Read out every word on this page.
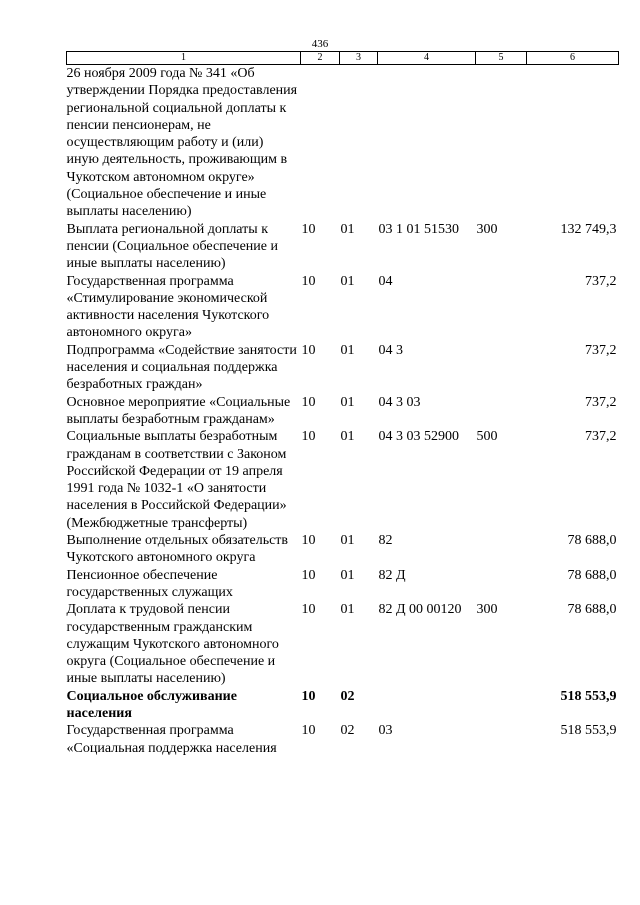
436
1	2	3	4	5	6
26 ноября 2009 года № 341 «Об утверждении Порядка предоставления региональной социальной доплаты к пенсии пенсионерам, не осуществляющим работу и (или) иную деятельность, проживающим в Чукотском автономном округе» (Социальное обеспечение и иные выплаты населению)					
Выплата региональной доплаты к пенсии (Социальное обеспечение и иные выплаты населению)	10	01	03 1 01 51530	300	132 749,3
Государственная программа «Стимулирование экономической активности населения Чукотского автономного округа»	10	01	04		737,2
Подпрограмма «Содействие занятости населения и социальная поддержка безработных граждан»	10	01	04 3		737,2
Основное мероприятие «Социальные выплаты безработным гражданам»	10	01	04 3 03		737,2
Социальные выплаты безработным гражданам в соответствии с Законом Российской Федерации от 19 апреля 1991 года № 1032-1 «О занятости населения в Российской Федерации» (Межбюджетные трансферты)	10	01	04 3 03 52900	500	737,2
Выполнение отдельных обязательств Чукотского автономного округа	10	01	82		78 688,0
Пенсионное обеспечение государственных служащих	10	01	82 Д		78 688,0
Доплата к трудовой пенсии государственным гражданским служащим Чукотского автономного округа (Социальное обеспечение и иные выплаты населению)	10	01	82 Д 00 00120	300	78 688,0
Социальное обслуживание населения	10	02			518 553,9
Государственная программа «Социальная поддержка населения	10	02	03		518 553,9
